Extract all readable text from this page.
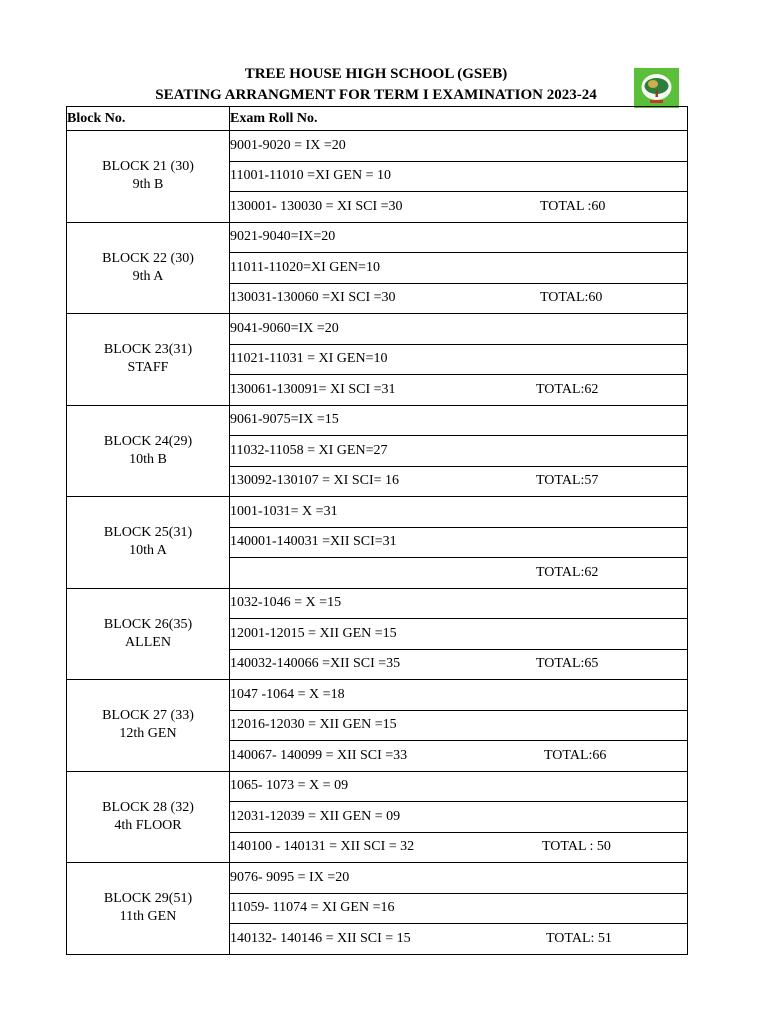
TREE HOUSE HIGH SCHOOL (GSEB)
SEATING ARRANGMENT FOR TERM I EXAMINATION 2023-24
Block No.	Exam Roll No.

BLOCK 21 (30)
9th B	9001-9020 = IX =20
	11001-11010 =XI GEN = 10
	130001- 130030 = XI SCI =30 TOTAL :60

BLOCK 22 (30)
9th A	9021-9040=IX=20
	11011-11020=XI GEN=10
	130031-130060 =XI SCI =30 TOTAL:60

BLOCK 23(31)
STAFF	9041-9060=IX =20
	11021-11031 = XI GEN=10
	130061-130091= XI SCI =31 TOTAL:62

BLOCK 24(29)
10th B	9061-9075=IX =15
	11032-11058 = XI GEN=27
	130092-130107 = XI SCI= 16 TOTAL:57

BLOCK 25(31)
10th A	1001-1031= X =31
	140001-140031 =XII SCI=31

	TOTAL:62

BLOCK 26(35)
ALLEN	1032-1046 = X =15
	12001-12015 = XII GEN =15
	140032-140066 =XII SCI =35 TOTAL:65

BLOCK 27 (33)
12th GEN	1047 -1064 = X =18
	12016-12030 = XII GEN =15
	140067- 140099 = XII SCI =33 TOTAL:66

BLOCK 28 (32)
4th FLOOR	1065- 1073 = X = 09
	12031-12039 = XII GEN = 09
	140100 - 140131 = XII SCI = 32 TOTAL : 50

BLOCK 29(51)
11th GEN	9076- 9095 = IX =20
	11059- 11074 = XI GEN =16
	140132- 140146 = XII SCI = 15 TOTAL: 51
